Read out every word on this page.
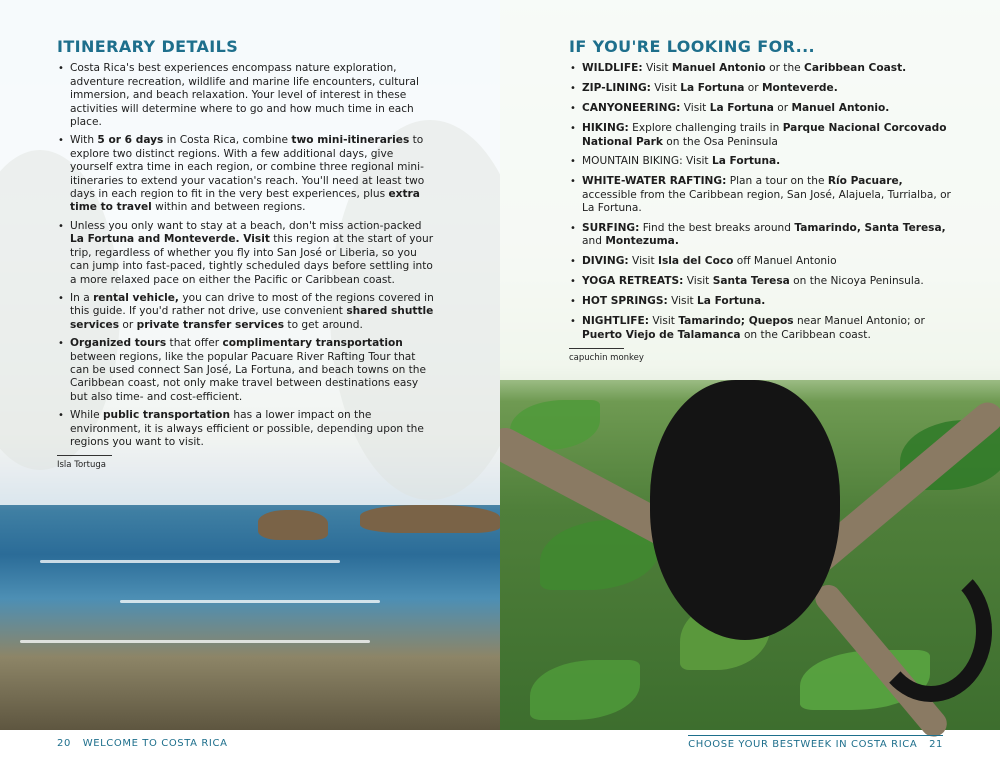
ITINERARY DETAILS
• Costa Rica's best experiences encompass nature exploration, adventure recreation, wildlife and marine life encounters, cultural immersion, and beach relaxation. Your level of interest in these activities will determine where to go and how much time in each place.
• With 5 or 6 days in Costa Rica, combine two mini-itineraries to explore two distinct regions. With a few additional days, give yourself extra time in each region, or combine three regional mini-itineraries to extend your vacation's reach. You'll need at least two days in each region to fit in the very best experiences, plus extra time to travel within and between regions.
• Unless you only want to stay at a beach, don't miss action-packed La Fortuna and Monteverde. Visit this region at the start of your trip, regardless of whether you fly into San José or Liberia, so you can jump into fast-paced, tightly scheduled days before settling into a more relaxed pace on either the Pacific or Caribbean coast.
• In a rental vehicle, you can drive to most of the regions covered in this guide. If you'd rather not drive, use convenient shared shuttle services or private transfer services to get around.
• Organized tours that offer complimentary transportation between regions, like the popular Pacuare River Rafting Tour that can be used connect San José, La Fortuna, and beach towns on the Caribbean coast, not only make travel between destinations easy but also time- and cost-efficient.
• While public transportation has a lower impact on the environment, it is always efficient or possible, depending upon the regions you want to visit.
Isla Tortuga
20 WELCOME TO COSTA RICA
IF YOU'RE LOOKING FOR...
• WILDLIFE: Visit Manuel Antonio or the Caribbean Coast.
• ZIP-LINING: Visit La Fortuna or Monteverde.
• CANYONEERING: Visit La Fortuna or Manuel Antonio.
• HIKING: Explore challenging trails in Parque Nacional Corcovado National Park on the Osa Peninsula
• MOUNTAIN BIKING: Visit La Fortuna.
• WHITE-WATER RAFTING: Plan a tour on the Río Pacuare, accessible from the Caribbean region, San José, Alajuela, Turrialba, or La Fortuna.
• SURFING: Find the best breaks around Tamarindo, Santa Teresa, and Montezuma.
• DIVING: Visit Isla del Coco off Manuel Antonio
• YOGA RETREATS: Visit Santa Teresa on the Nicoya Peninsula.
• HOT SPRINGS: Visit La Fortuna.
• NIGHTLIFE: Visit Tamarindo; Quepos near Manuel Antonio; or Puerto Viejo de Talamanca on the Caribbean coast.
capuchin monkey
CHOOSE YOUR BESTWEEK IN COSTA RICA 21
